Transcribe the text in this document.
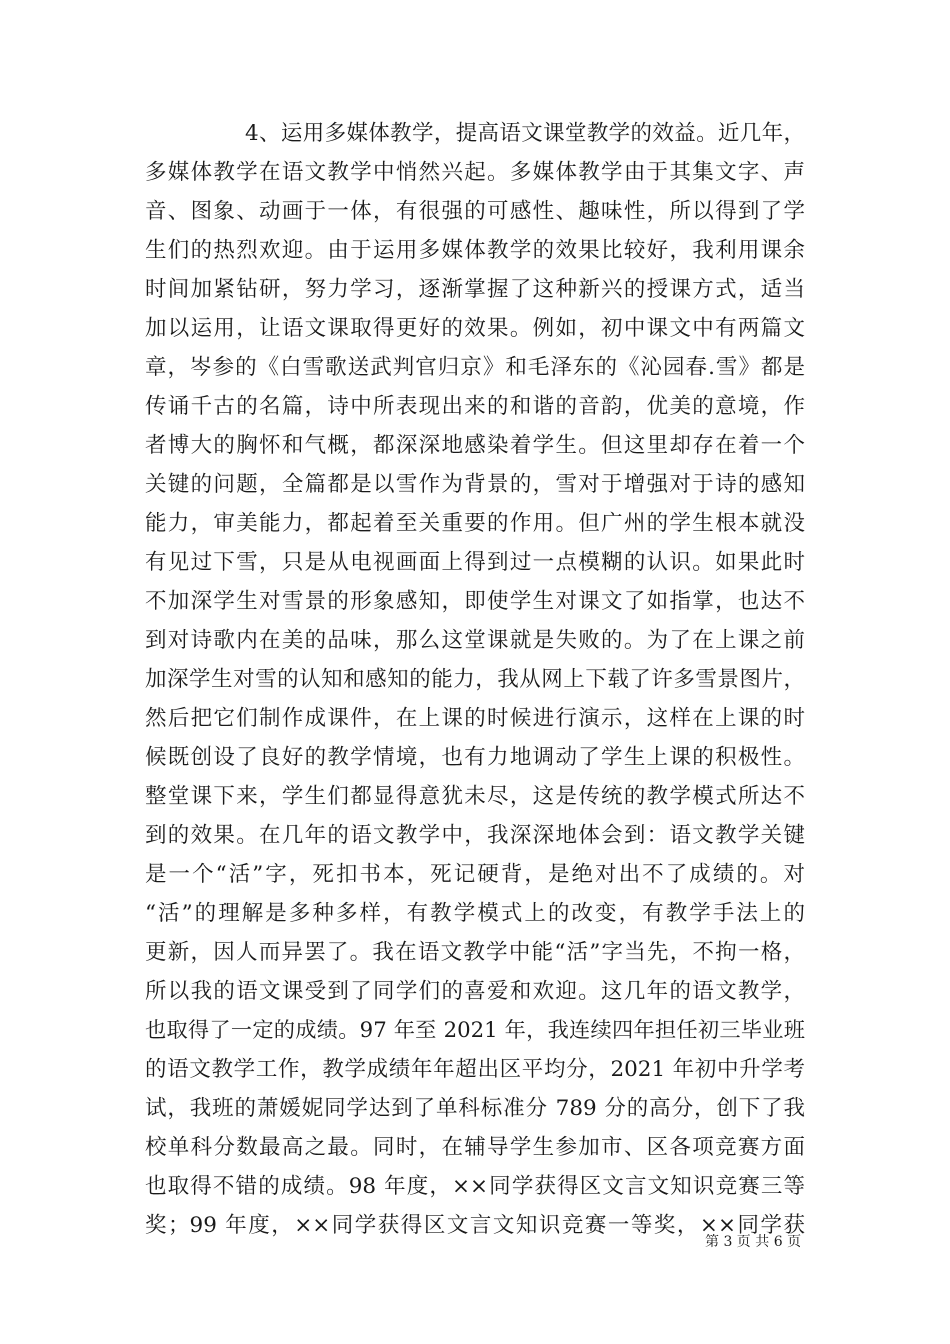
4、运用多媒体教学，提高语文课堂教学的效益。近几年，
多媒体教学在语文教学中悄然兴起。多媒体教学由于其集文字、声
音、图象、动画于一体，有很强的可感性、趣味性，所以得到了学
生们的热烈欢迎。由于运用多媒体教学的效果比较好，我利用课余
时间加紧钻研，努力学习，逐渐掌握了这种新兴的授课方式，适当
加以运用，让语文课取得更好的效果。例如，初中课文中有两篇文
章，岑参的《白雪歌送武判官归京》和毛泽东的《沁园春.雪》都是
传诵千古的名篇，诗中所表现出来的和谐的音韵，优美的意境，作
者博大的胸怀和气概，都深深地感染着学生。但这里却存在着一个
关键的问题，全篇都是以雪作为背景的，雪对于增强对于诗的感知
能力，审美能力，都起着至关重要的作用。但广州的学生根本就没
有见过下雪，只是从电视画面上得到过一点模糊的认识。如果此时
不加深学生对雪景的形象感知，即使学生对课文了如指掌，也达不
到对诗歌内在美的品味，那么这堂课就是失败的。为了在上课之前
加深学生对雪的认知和感知的能力，我从网上下载了许多雪景图片，
然后把它们制作成课件，在上课的时候进行演示，这样在上课的时
候既创设了良好的教学情境，也有力地调动了学生上课的积极性。
整堂课下来，学生们都显得意犹未尽，这是传统的教学模式所达不
到的效果。在几年的语文教学中，我深深地体会到：语文教学关键
是一个“活”字，死扣书本，死记硬背，是绝对出不了成绩的。对
“活”的理解是多种多样，有教学模式上的改变，有教学手法上的
更新，因人而异罢了。我在语文教学中能“活”字当先，不拘一格，
所以我的语文课受到了同学们的喜爱和欢迎。这几年的语文教学，
也取得了一定的成绩。97 年至 2021 年，我连续四年担任初三毕业班
的语文教学工作，教学成绩年年超出区平均分，2021 年初中升学考
试，我班的萧媛妮同学达到了单科标准分 789 分的高分，创下了我
校单科分数最高之最。同时，在辅导学生参加市、区各项竞赛方面
也取得不错的成绩。98 年度，××同学获得区文言文知识竞赛三等
奖；99 年度，××同学获得区文言文知识竞赛一等奖，××同学获
第 3 页 共 6 页
